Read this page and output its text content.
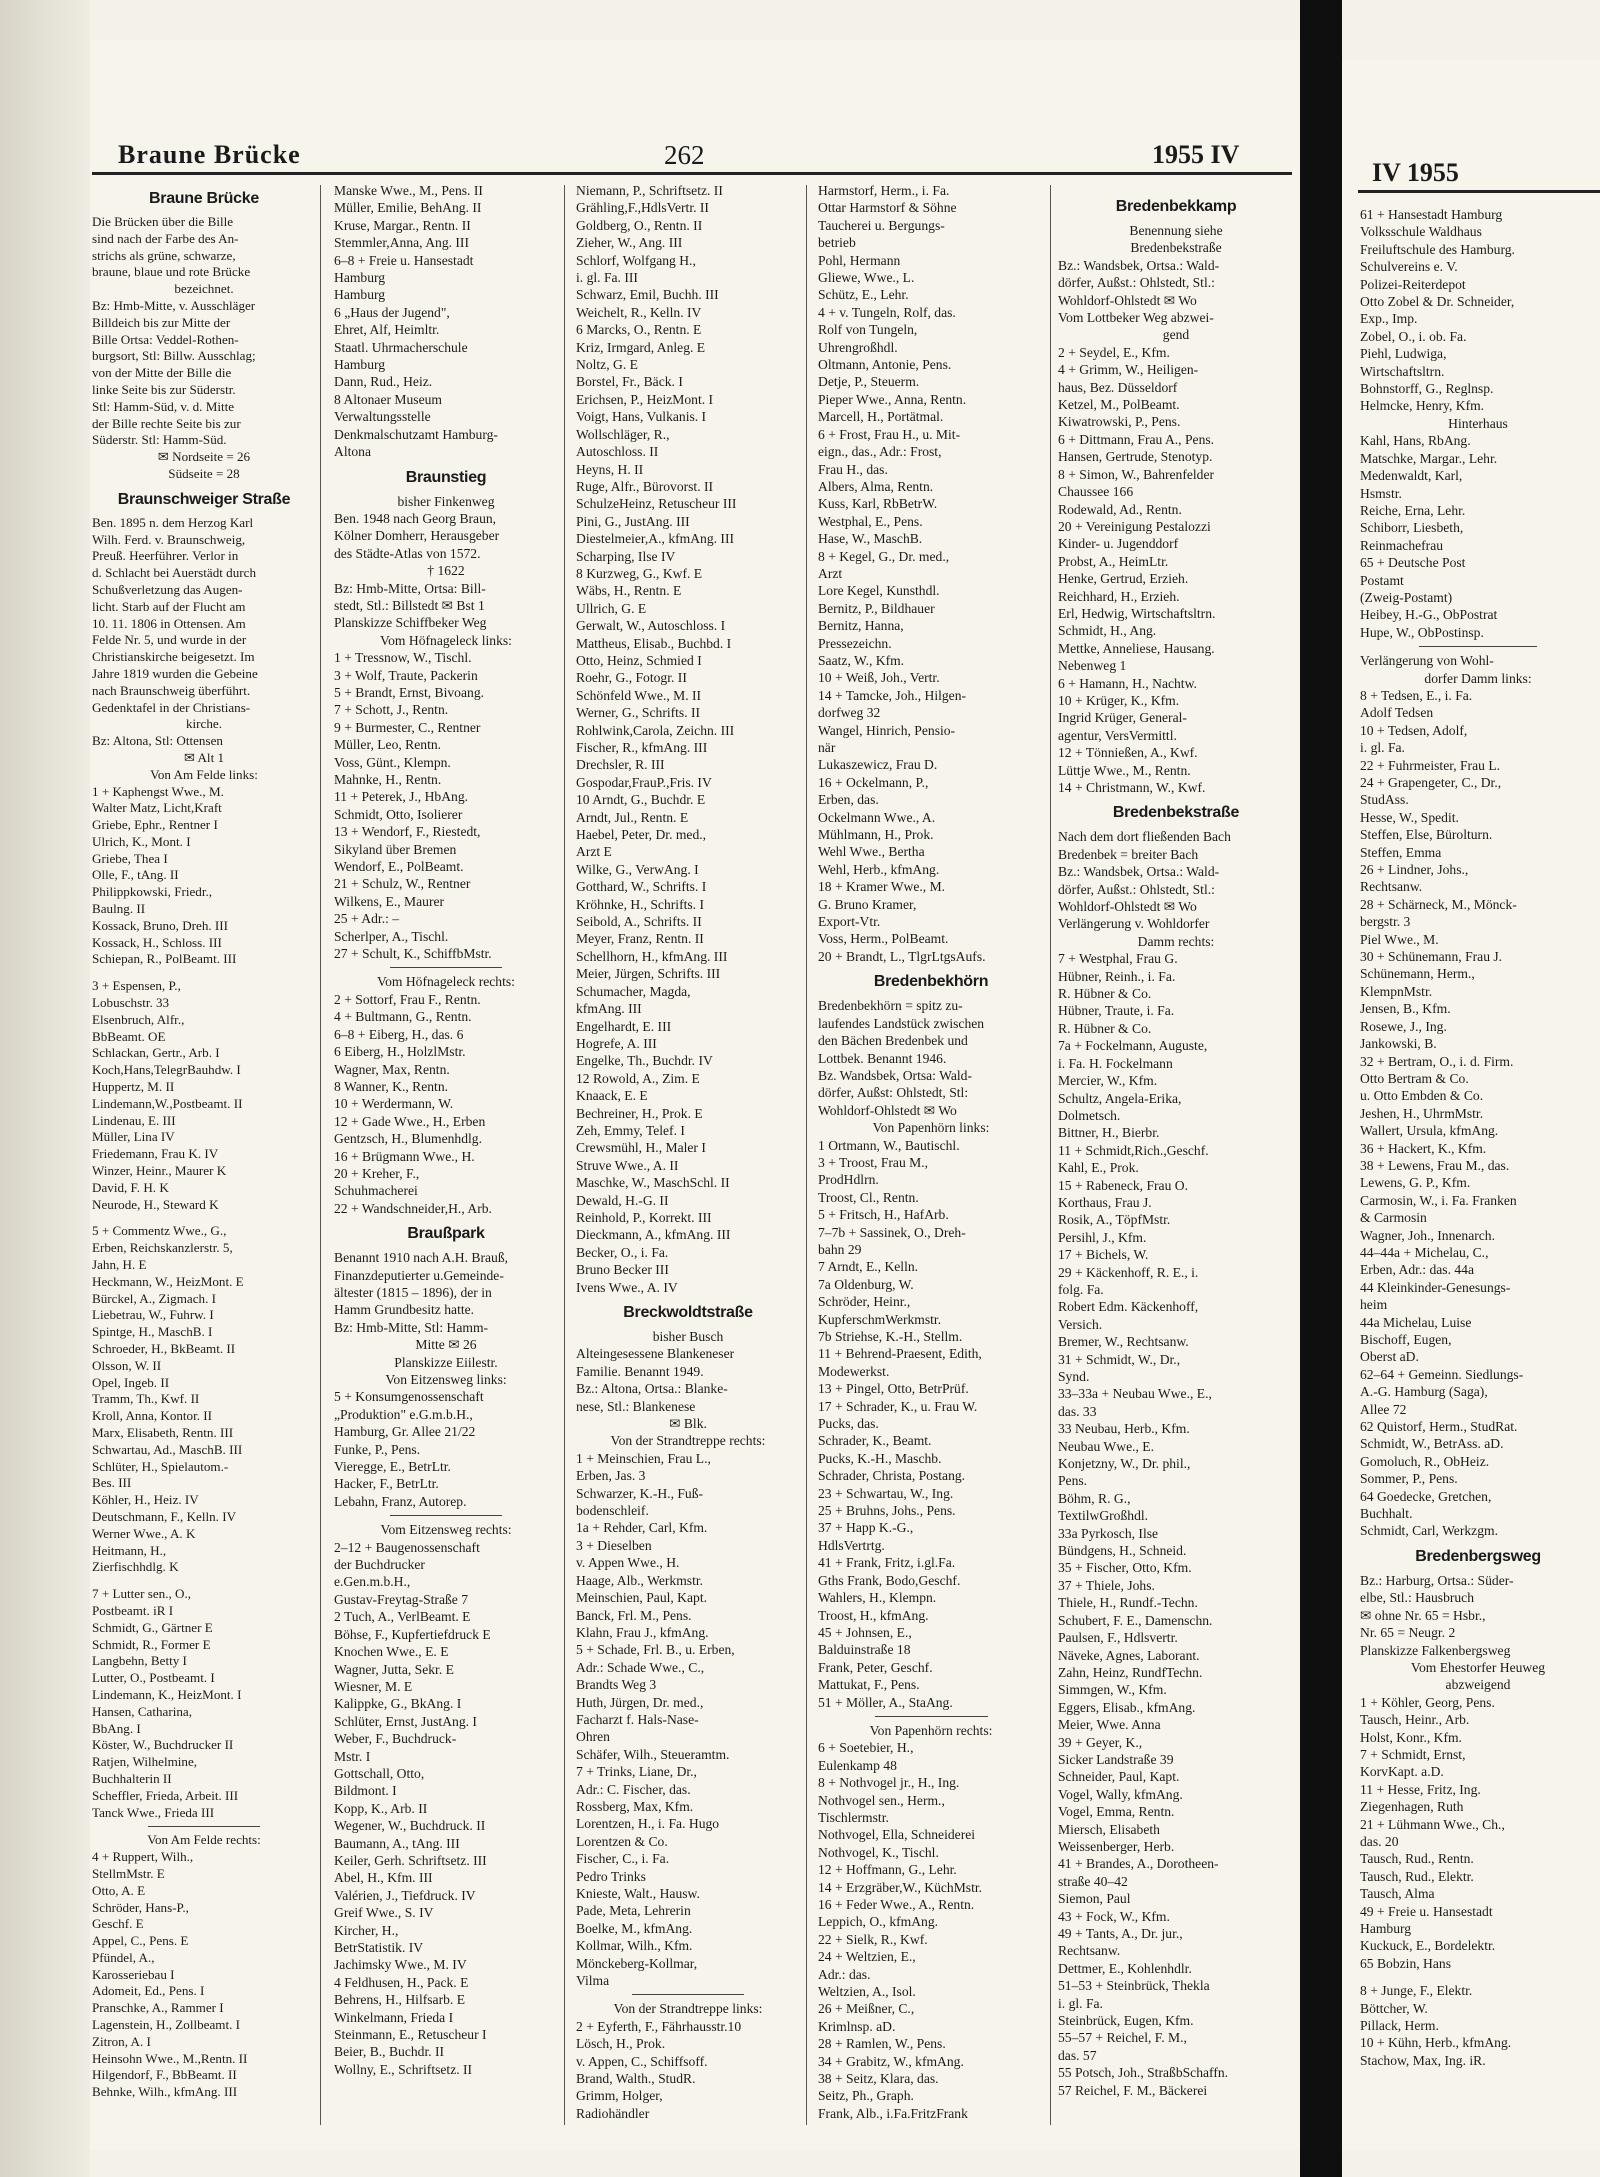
Braune Brücke	262	1955 IV
IV 1955
Braune Brücke
Die Brücken über die Bille
sind nach der Farbe des An-
strichs als grüne, schwarze,
braune, blaue und rote Brücke
bezeichnet.
Bz: Hmb-Mitte, v. Ausschläger
Billdeich bis zur Mitte der
Bille Ortsa: Veddel-Rothen-
burgsort, Stl: Billw. Ausschlag;
von der Mitte der Bille die
linke Seite bis zur Süderstr.
Stl: Hamm-Süd, v. d. Mitte
der Bille rechte Seite bis zur
Süderstr. Stl: Hamm-Süd.
✉ Nordseite = 26
Südseite = 28
Braunschweiger Straße
Ben. 1895 n. dem Herzog Karl
Wilh. Ferd. v. Braunschweig,
Preuß. Heerführer. Verlor in
d. Schlacht bei Auerstädt durch
Schußverletzung das Augen-
licht. Starb auf der Flucht am
10. 11. 1806 in Ottensen. Am
Felde Nr. 5, und wurde in der
Christianskirche beigesetzt. Im
Jahre 1819 wurden die Gebeine
nach Braunschweig überführt.
Gedenktafel in der Christians-
kirche.
Bz: Altona, Stl: Ottensen
✉ Alt 1
Von Am Felde links:
1 + Kaphengst Wwe., M.
Walter Matz, Licht,Kraft
Griebe, Ephr., Rentner I
Ulrich, K., Mont. I
Griebe, Thea I
Olle, F., tAng. II
Philippkowski, Friedr.,
Baulng. II
Kossack, Bruno, Dreh. III
Kossack, H., Schloss. III
Schiepan, R., PolBeamt. III
3 + Espensen, P.,
Lobuschstr. 33
Elsenbruch, Alfr.,
BbBeamt. OE
Schlackan, Gertr., Arb. I
Koch,Hans,TelegrBauhdw. I
Huppertz, M. II
Lindemann,W.,Postbeamt. II
Lindenau, E. III
Müller, Lina IV
Friedemann, Frau K. IV
Winzer, Heinr., Maurer K
David, F. H. K
Neurode, H., Steward K
5 + Commentz Wwe., G.,
Erben, Reichskanzlerstr. 5,
Jahn, H. E
Heckmann, W., HeizMont. E
Bürckel, A., Zigmach. I
Liebetrau, W., Fuhrw. I
Spintge, H., MaschB. I
Schroeder, H., BkBeamt. II
Olsson, W. II
Opel, Ingeb. II
Tramm, Th., Kwf. II
Kroll, Anna, Kontor. II
Marx, Elisabeth, Rentn. III
Schwartau, Ad., MaschB. III
Schlüter, H., Spielautom.-
Bes. III
Köhler, H., Heiz. IV
Deutschmann, F., Kelln. IV
Werner Wwe., A. K
Heitmann, H.,
Zierfischhdlg. K
7 + Lutter sen., O.,
Postbeamt. iR I
Schmidt, G., Gärtner E
Schmidt, R., Former E
Langbehn, Betty I
Lutter, O., Postbeamt. I
Lindemann, K., HeizMont. I
Hansen, Catharina,
BbAng. I
Köster, W., Buchdrucker II
Ratjen, Wilhelmine,
Buchhalterin II
Scheffler, Frieda, Arbeit. III
Tanck Wwe., Frieda III
Von Am Felde rechts:
4 + Ruppert, Wilh.,
StellmMstr. E
Otto, A. E
Schröder, Hans-P.,
Geschf. E
Appel, C., Pens. E
Pfündel, A.,
Karosseriebau I
Adomeit, Ed., Pens. I
Pranschke, A., Rammer I
Lagenstein, H., Zollbeamt. I
Zitron, A. I
Heinsohn Wwe., M.,Rentn. II
Hilgendorf, F., BbBeamt. II
Behnke, Wilh., kfmAng. III
Manske Wwe., M., Pens. II
Müller, Emilie, BehAng. II
Kruse, Margar., Rentn. II
Stemmler,Anna, Ang. III
6–8 + Freie u. Hansestadt
Hamburg
Hamburg
6 „Haus der Jugend",
Ehret, Alf, Heimltr.
Staatl. Uhrmacherschule
Hamburg
Dann, Rud., Heiz.
8 Altonaer Museum
Verwaltungsstelle
Denkmalschutzamt Hamburg-
Altona
Braunstieg
bisher Finkenweg
Ben. 1948 nach Georg Braun,
Kölner Domherr, Herausgeber
des Städte-Atlas von 1572.
† 1622
Bz: Hmb-Mitte, Ortsa: Bill-
stedt, Stl.: Billstedt ✉ Bst 1
Planskizze Schiffbeker Weg
Vom Höfnageleck links:
1 + Tressnow, W., Tischl.
3 + Wolf, Traute, Packerin
5 + Brandt, Ernst, Bivoang.
7 + Schott, J., Rentn.
9 + Burmester, C., Rentner
Müller, Leo, Rentn.
Voss, Günt., Klempn.
Mahnke, H., Rentn.
11 + Peterek, J., HbAng.
Schmidt, Otto, Isolierer
13 + Wendorf, F., Riestedt,
Sikyland über Bremen
Wendorf, E., PolBeamt.
21 + Schulz, W., Rentner
Wilkens, E., Maurer
25 + Adr.: –
Scherlper, A., Tischl.
27 + Schult, K., SchiffbMstr.
Vom Höfnageleck rechts:
2 + Sottorf, Frau F., Rentn.
4 + Bultmann, G., Rentn.
6–8 + Eiberg, H., das. 6
6 Eiberg, H., HolzlMstr.
Wagner, Max, Rentn.
8 Wanner, K., Rentn.
10 + Werdermann, W.
12 + Gade Wwe., H., Erben
Gentzsch, H., Blumenhdlg.
16 + Brügmann Wwe., H.
20 + Kreher, F.,
Schuhmacherei
22 + Wandschneider,H., Arb.
Braußpark
Benannt 1910 nach A.H. Brauß,
Finanzdeputierter u.Gemeinde-
ältester (1815 – 1896), der in
Hamm Grundbesitz hatte.
Bz: Hmb-Mitte, Stl: Hamm-
Mitte ✉ 26
Planskizze Eiilestr.
Von Eitzensweg links:
5 + Konsumgenossenschaft
„Produktion" e.G.m.b.H.,
Hamburg, Gr. Allee 21/22
Funke, P., Pens.
Vieregge, E., BetrLtr.
Hacker, F., BetrLtr.
Lebahn, Franz, Autorep.
Vom Eitzensweg rechts:
2–12 + Baugenossenschaft
der Buchdrucker
e.Gen.m.b.H.,
Gustav-Freytag-Straße 7
2 Tuch, A., VerlBeamt. E
Böhse, F., Kupfertiefdruck E
Knochen Wwe., E. E
Wagner, Jutta, Sekr. E
Wiesner, M. E
Kalippke, G., BkAng. I
Schlüter, Ernst, JustAng. I
Weber, F., Buchdruck-
Mstr. I
Gottschall, Otto,
Bildmont. I
Kopp, K., Arb. II
Wegener, W., Buchdruck. II
Baumann, A., tAng. III
Keiler, Gerh. Schriftsetz. III
Abel, H., Kfm. III
Valérien, J., Tiefdruck. IV
Greif Wwe., S. IV
Kircher, H.,
BetrStatistik. IV
Jachimsky Wwe., M. IV
4 Feldhusen, H., Pack. E
Behrens, H., Hilfsarb. E
Winkelmann, Frieda I
Steinmann, E., Retuscheur I
Beier, B., Buchdr. II
Wollny, E., Schriftsetz. II
Niemann, P., Schriftsetz. II
Grähling,F.,HdlsVertr. II
Goldberg, O., Rentn. II
Zieher, W., Ang. III
Schlorf, Wolfgang H.,
i. gl. Fa. III
Schwarz, Emil, Buchh. III
Weichelt, R., Kelln. IV
6 Marcks, O., Rentn. E
Kriz, Irmgard, Anleg. E
Noltz, G. E
Borstel, Fr., Bäck. I
Erichsen, P., HeizMont. I
Voigt, Hans, Vulkanis. I
Wollschläger, R.,
Autoschloss. II
Heyns, H. II
Ruge, Alfr., Bürovorst. II
SchulzeHeinz, Retuscheur III
Pini, G., JustAng. III
Diestelmeier,A., kfmAng. III
Scharping, Ilse IV
8 Kurzweg, G., Kwf. E
Wäbs, H., Rentn. E
Ullrich, G. E
Gerwalt, W., Autoschloss. I
Mattheus, Elisab., Buchbd. I
Otto, Heinz, Schmied I
Roehr, G., Fotogr. II
Schönfeld Wwe., M. II
Werner, G., Schrifts. II
Rohlwink,Carola, Zeichn. III
Fischer, R., kfmAng. III
Drechsler, R. III
Gospodar,FrauP.,Fris. IV
10 Arndt, G., Buchdr. E
Arndt, Jul., Rentn. E
Haebel, Peter, Dr. med.,
Arzt E
Wilke, G., VerwAng. I
Gotthard, W., Schrifts. I
Kröhnke, H., Schrifts. I
Seibold, A., Schrifts. II
Meyer, Franz, Rentn. II
Schellhorn, H., kfmAng. III
Meier, Jürgen, Schrifts. III
Schumacher, Magda,
kfmAng. III
Engelhardt, E. III
Hogrefe, A. III
Engelke, Th., Buchdr. IV
12 Rowold, A., Zim. E
Knaack, E. E
Bechreiner, H., Prok. E
Zeh, Emmy, Telef. I
Crewsmühl, H., Maler I
Struve Wwe., A. II
Maschke, W., MaschSchl. II
Dewald, H.-G. II
Reinhold, P., Korrekt. III
Dieckmann, A., kfmAng. III
Becker, O., i. Fa.
Bruno Becker III
Ivens Wwe., A. IV
Breckwoldtstraße
bisher Busch
Alteingesessene Blankeneser
Familie. Benannt 1949.
Bz.: Altona, Ortsa.: Blanke-
nese, Stl.: Blankenese
✉ Blk.
Von der Strandtreppe rechts:
1 + Meinschien, Frau L.,
Erben, Jas. 3
Schwarzer, K.-H., Fuß-
bodenschleif.
1a + Rehder, Carl, Kfm.
3 + Dieselben
v. Appen Wwe., H.
Haage, Alb., Werkmstr.
Meinschien, Paul, Kapt.
Banck, Frl. M., Pens.
Klahn, Frau J., kfmAng.
5 + Schade, Frl. B., u. Erben,
Adr.: Schade Wwe., C.,
Brandts Weg 3
Huth, Jürgen, Dr. med.,
Facharzt f. Hals-Nase-
Ohren
Schäfer, Wilh., Steueramtm.
7 + Trinks, Liane, Dr.,
Adr.: C. Fischer, das.
Rossberg, Max, Kfm.
Lorentzen, H., i. Fa. Hugo
Lorentzen & Co.
Fischer, C., i. Fa.
Pedro Trinks
Knieste, Walt., Hausw.
Pade, Meta, Lehrerin
Boelke, M., kfmAng.
Kollmar, Wilh., Kfm.
Mönckeberg-Kollmar,
Vilma
Von der Strandtreppe links:
2 + Eyferth, F., Fährhausstr.10
Lösch, H., Prok.
v. Appen, C., Schiffsoff.
Brand, Walth., StudR.
Grimm, Holger,
Radiohändler
Harmstorf, Herm., i. Fa.
Ottar Harmstorf & Söhne
Taucherei u. Bergungs-
betrieb
Pohl, Hermann
Gliewe, Wwe., L.
Schütz, E., Lehr.
4 + v. Tungeln, Rolf, das.
Rolf von Tungeln,
Uhrengroßhdl.
Oltmann, Antonie, Pens.
Detje, P., Steuerm.
Pieper Wwe., Anna, Rentn.
Marcell, H., Portätmal.
6 + Frost, Frau H., u. Mit-
eign., das., Adr.: Frost,
Frau H., das.
Albers, Alma, Rentn.
Kuss, Karl, RbBetrW.
Westphal, E., Pens.
Hase, W., MaschB.
8 + Kegel, G., Dr. med.,
Arzt
Lore Kegel, Kunsthdl.
Bernitz, P., Bildhauer
Bernitz, Hanna,
Pressezeichn.
Saatz, W., Kfm.
10 + Weiß, Joh., Vertr.
14 + Tamcke, Joh., Hilgen-
dorfweg 32
Wangel, Hinrich, Pensio-
när
Lukaszewicz, Frau D.
16 + Ockelmann, P.,
Erben, das.
Ockelmann Wwe., A.
Mühlmann, H., Prok.
Wehl Wwe., Bertha
Wehl, Herb., kfmAng.
18 + Kramer Wwe., M.
G. Bruno Kramer,
Export-Vtr.
Voss, Herm., PolBeamt.
20 + Brandt, L., TlgrLtgsAufs.
Bredenbekhörn
Bredenbekhörn = spitz zu-
laufendes Landstück zwischen
den Bächen Bredenbek und
Lottbek. Benannt 1946.
Bz. Wandsbek, Ortsa: Wald-
dörfer, Außst: Ohlstedt, Stl:
Wohldorf-Ohlstedt ✉ Wo
Von Papenhörn links:
1 Ortmann, W., Bautischl.
3 + Troost, Frau M.,
ProdHdlrn.
Troost, Cl., Rentn.
5 + Fritsch, H., HafArb.
7–7b + Sassinek, O., Dreh-
bahn 29
7 Arndt, E., Kelln.
7a Oldenburg, W.
Schröder, Heinr.,
KupferschmWerkmstr.
7b Striehse, K.-H., Stellm.
11 + Behrend-Praesent, Edith,
Modewerkst.
13 + Pingel, Otto, BetrPrüf.
17 + Schrader, K., u. Frau W.
Pucks, das.
Schrader, K., Beamt.
Pucks, K.-H., Maschb.
Schrader, Christa, Postang.
23 + Schwartau, W., Ing.
25 + Bruhns, Johs., Pens.
37 + Happ K.-G.,
HdlsVertrtg.
41 + Frank, Fritz, i.gl.Fa.
Gths Frank, Bodo,Geschf.
Wahlers, H., Klempn.
Troost, H., kfmAng.
45 + Johnsen, E.,
Balduinstraße 18
Frank, Peter, Geschf.
Mattukat, F., Pens.
51 + Möller, A., StaAng.
Von Papenhörn rechts:
6 + Soetebier, H.,
Eulenkamp 48
8 + Nothvogel jr., H., Ing.
Nothvogel sen., Herm.,
Tischlermstr.
Nothvogel, Ella, Schneiderei
Nothvogel, K., Tischl.
12 + Hoffmann, G., Lehr.
14 + Erzgräber,W., KüchMstr.
16 + Feder Wwe., A., Rentn.
Leppich, O., kfmAng.
22 + Sielk, R., Kwf.
24 + Weltzien, E.,
Adr.: das.
Weltzien, A., Isol.
26 + Meißner, C.,
Krimlnsp. aD.
28 + Ramlen, W., Pens.
34 + Grabitz, W., kfmAng.
38 + Seitz, Klara, das.
Seitz, Ph., Graph.
Frank, Alb., i.Fa.FritzFrank
Bredenbekkamp
Benennung siehe
Bredenbekstraße
Bz.: Wandsbek, Ortsa.: Wald-
dörfer, Außst.: Ohlstedt, Stl.:
Wohldorf-Ohlstedt ✉ Wo
Vom Lottbeker Weg abzwei-
gend
2 + Seydel, E., Kfm.
4 + Grimm, W., Heiligen-
haus, Bez. Düsseldorf
Ketzel, M., PolBeamt.
Kiwatrowski, P., Pens.
6 + Dittmann, Frau A., Pens.
Hansen, Gertrude, Stenotyp.
8 + Simon, W., Bahrenfelder
Chaussee 166
Rodewald, Ad., Rentn.
20 + Vereinigung Pestalozzi
Kinder- u. Jugenddorf
Probst, A., HeimLtr.
Henke, Gertrud, Erzieh.
Reichhard, H., Erzieh.
Erl, Hedwig, Wirtschaftsltrn.
Schmidt, H., Ang.
Mettke, Anneliese, Hausang.
Nebenweg 1
6 + Hamann, H., Nachtw.
10 + Krüger, K., Kfm.
Ingrid Krüger, General-
agentur, VersVermittl.
12 + Tönnießen, A., Kwf.
Lüttje Wwe., M., Rentn.
14 + Christmann, W., Kwf.
Bredenbekstraße
Nach dem dort fließenden Bach
Bredenbek = breiter Bach
Bz.: Wandsbek, Ortsa.: Wald-
dörfer, Außst.: Ohlstedt, Stl.:
Wohldorf-Ohlstedt ✉ Wo
Verlängerung v. Wohldorfer
Damm rechts:
7 + Westphal, Frau G.
Hübner, Reinh., i. Fa.
R. Hübner & Co.
Hübner, Traute, i. Fa.
R. Hübner & Co.
7a + Fockelmann, Auguste,
i. Fa. H. Fockelmann
Mercier, W., Kfm.
Schultz, Angela-Erika,
Dolmetsch.
Bittner, H., Bierbr.
11 + Schmidt,Rich.,Geschf.
Kahl, E., Prok.
15 + Rabeneck, Frau O.
Korthaus, Frau J.
Rosik, A., TöpfMstr.
Persihl, J., Kfm.
17 + Bichels, W.
29 + Käckenhoff, R. E., i.
folg. Fa.
Robert Edm. Käckenhoff,
Versich.
Bremer, W., Rechtsanw.
31 + Schmidt, W., Dr.,
Synd.
33–33a + Neubau Wwe., E.,
das. 33
33 Neubau, Herb., Kfm.
Neubau Wwe., E.
Konjetzny, W., Dr. phil.,
Pens.
Böhm, R. G.,
TextilwGroßhdl.
33a Pyrkosch, Ilse
Bündgens, H., Schneid.
35 + Fischer, Otto, Kfm.
37 + Thiele, Johs.
Thiele, H., Rundf.-Techn.
Schubert, F. E., Damenschn.
Paulsen, F., Hdlsvertr.
Näveke, Agnes, Laborant.
Zahn, Heinz, RundfTechn.
Simmgen, W., Kfm.
Eggers, Elisab., kfmAng.
Meier, Wwe. Anna
39 + Geyer, K.,
Sicker Landstraße 39
Schneider, Paul, Kapt.
Vogel, Wally, kfmAng.
Vogel, Emma, Rentn.
Miersch, Elisabeth
Weissenberger, Herb.
41 + Brandes, A., Dorotheen-
straße 40–42
Siemon, Paul
43 + Fock, W., Kfm.
49 + Tants, A., Dr. jur.,
Rechtsanw.
Dettmer, E., Kohlenhdlr.
51–53 + Steinbrück, Thekla
i. gl. Fa.
Steinbrück, Eugen, Kfm.
55–57 + Reichel, F. M.,
das. 57
55 Potsch, Joh., StraßbSchaffn.
57 Reichel, F. M., Bäckerei
61 + Hansestadt Hamburg
Volksschule Waldhaus
Freiluftschule des Hamburg.
Schulvereins e. V.
Polizei-Reiterdepot
Otto Zobel & Dr. Schneider,
Exp., Imp.
Zobel, O., i. ob. Fa.
Piehl, Ludwiga,
Wirtschaftsltrn.
Bohnstorff, G., Reglnsp.
Helmcke, Henry, Kfm.
Hinterhaus
Kahl, Hans, RbAng.
Matschke, Margar., Lehr.
Medenwaldt, Karl,
Hsmstr.
Reiche, Erna, Lehr.
Schiborr, Liesbeth,
Reinmachefrau
65 + Deutsche Post
Postamt
(Zweig-Postamt)
Heibey, H.-G., ObPostrat
Hupe, W., ObPostinsp.
Verlängerung von Wohl-
dorfer Damm links:
8 + Tedsen, E., i. Fa.
Adolf Tedsen
10 + Tedsen, Adolf,
i. gl. Fa.
22 + Fuhrmeister, Frau L.
24 + Grapengeter, C., Dr.,
StudAss.
Hesse, W., Spedit.
Steffen, Else, Bürolturn.
Steffen, Emma
26 + Lindner, Johs.,
Rechtsanw.
28 + Schärneck, M., Mönck-
bergstr. 3
Piel Wwe., M.
30 + Schünemann, Frau J.
Schünemann, Herm.,
KlempnMstr.
Jensen, B., Kfm.
Rosewe, J., Ing.
Jankowski, B.
32 + Bertram, O., i. d. Firm.
Otto Bertram & Co.
u. Otto Embden & Co.
Jeshen, H., UhrmMstr.
Wallert, Ursula, kfmAng.
36 + Hackert, K., Kfm.
38 + Lewens, Frau M., das.
Lewens, G. P., Kfm.
Carmosin, W., i. Fa. Franken
& Carmosin
Wagner, Joh., Innenarch.
44–44a + Michelau, C.,
Erben, Adr.: das. 44a
44 Kleinkinder-Genesungs-
heim
44a Michelau, Luise
Bischoff, Eugen,
Oberst aD.
62–64 + Gemeinn. Siedlungs-
A.-G. Hamburg (Saga),
Allee 72
62 Quistorf, Herm., StudRat.
Schmidt, W., BetrAss. aD.
Gomoluch, R., ObHeiz.
Sommer, P., Pens.
64 Goedecke, Gretchen,
Buchhalt.
Schmidt, Carl, Werkzgm.
Bredenbergsweg
Bz.: Harburg, Ortsa.: Süder-
elbe, Stl.: Hausbruch
✉ ohne Nr. 65 = Hsbr.,
Nr. 65 = Neugr. 2
Planskizze Falkenbergsweg
Vom Ehestorfer Heuweg
abzweigend
1 + Köhler, Georg, Pens.
Tausch, Heinr., Arb.
Holst, Konr., Kfm.
7 + Schmidt, Ernst,
KorvKapt. a.D.
11 + Hesse, Fritz, Ing.
Ziegenhagen, Ruth
21 + Lühmann Wwe., Ch.,
das. 20
Tausch, Rud., Rentn.
Tausch, Rud., Elektr.
Tausch, Alma
49 + Freie u. Hansestadt
Hamburg
Kuckuck, E., Bordelektr.
65 Bobzin, Hans
8 + Junge, F., Elektr.
Böttcher, W.
Pillack, Herm.
10 + Kühn, Herb., kfmAng.
Stachow, Max, Ing. iR.
